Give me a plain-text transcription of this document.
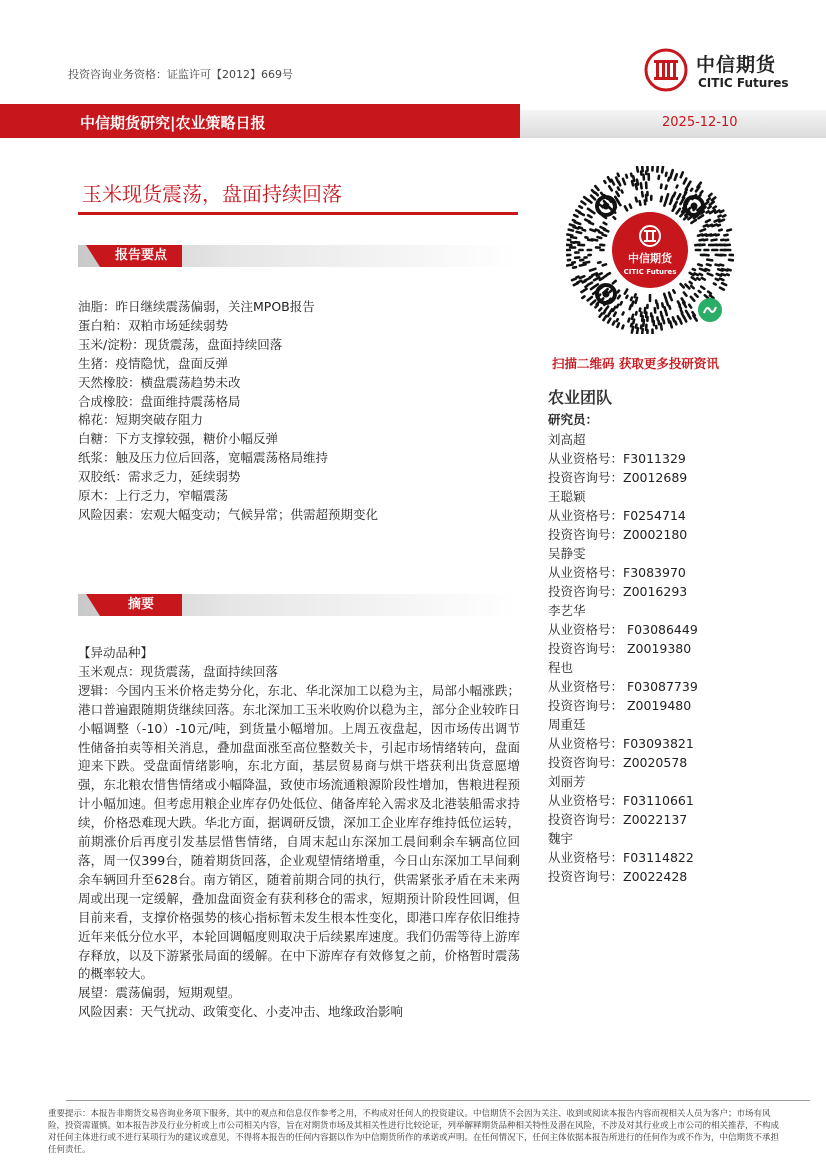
投资咨询业务资格：证监许可【2012】669号	中信期货
CITIC Futures
中信期货研究|农业策略日报	2025-12-10
玉米现货震荡，盘面持续回落
报告要点
油脂：昨日继续震荡偏弱，关注MPOB报告
蛋白粕：双粕市场延续弱势
玉米/淀粉：现货震荡，盘面持续回落
生猪：疫情隐忧，盘面反弹
天然橡胶：横盘震荡趋势未改
合成橡胶：盘面维持震荡格局
棉花：短期突破存阻力
白糖：下方支撑较强，糖价小幅反弹
纸浆：触及压力位后回落，宽幅震荡格局维持
双胶纸：需求乏力，延续弱势
原木：上行乏力，窄幅震荡
风险因素：宏观大幅变动；气候异常；供需超预期变化
摘要

【异动品种】

玉米观点：现货震荡，盘面持续回落

逻辑：今国内玉米价格走势分化，东北、华北深加工以稳为主，局部小幅涨跌；港口普遍跟随期货继续回落。东北深加工玉米收购价以稳为主，部分企业较昨日小幅调整（-10）-10元/吨，到货量小幅增加。上周五夜盘起，因市场传出调节性储备拍卖等相关消息，叠加盘面涨至高位整数关卡，引起市场情绪转向，盘面迎来下跌。受盘面情绪影响，东北方面，基层贸易商与烘干塔获利出货意愿增强，东北粮农惜售情绪或小幅降温，致使市场流通粮源阶段性增加，售粮进程预计小幅加速。但考虑用粮企业库存仍处低位、储备库轮入需求及北港装船需求持续，价格恐难现大跌。华北方面，据调研反馈，深加工企业库存维持低位运转，前期涨价后再度引发基层惜售情绪，自周末起山东深加工晨间剩余车辆高位回落，周一仅399台，随着期货回落，企业观望情绪增重，今日山东深加工早间剩余车辆回升至628台。南方销区，随着前期合同的执行，供需紧张矛盾在未来两周或出现一定缓解，叠加盘面资金有获利移仓的需求，短期预计阶段性回调，但目前来看，支撑价格强势的核心指标暂未发生根本性变化，即港口库存依旧维持近年来低分位水平，本轮回调幅度则取决于后续累库速度。我们仍需等待上游库存释放，以及下游紧张局面的缓解。在中下游库存有效修复之前，价格暂时震荡的概率较大。

展望：震荡偏弱，短期观望。

风险因素：天气扰动、政策变化、小麦冲击、地缘政治影响

中信期货
CITIC Futures
扫描二维码 获取更多投研资讯
农业团队
研究员：
刘高超
从业资格号：F3011329
投资咨询号：Z0012689
王聪颖
从业资格号：F0254714
投资咨询号：Z0002180
吴静雯
从业资格号：F3083970
投资咨询号：Z0016293
李艺华
从业资格号： F03086449
投资咨询号： Z0019380
程也
从业资格号： F03087739
投资咨询号： Z0019480
周重廷
从业资格号：F03093821
投资咨询号：Z0020578
刘丽芳
从业资格号：F03110661
投资咨询号：Z0022137
魏宇
从业资格号：F03114822
投资咨询号：Z0022428
重要提示：本报告非期货交易咨询业务项下服务，其中的观点和信息仅作参考之用，不构成对任何人的投资建议。中信期货不会因为关注、收到或阅读本报告内容而视相关人员为客户；市场有风险，投资需谨慎。如本报告涉及行业分析或上市公司相关内容，旨在对期货市场及其相关性进行比较论证，列举解释期货品种相关特性及潜在风险，不涉及对其行业或上市公司的相关推荐，不构成对任何主体进行或不进行某项行为的建议或意见，不得将本报告的任何内容据以作为中信期货所作的承诺或声明。在任何情况下，任何主体依据本报告所进行的任何作为或不作为，中信期货不承担任何责任。
